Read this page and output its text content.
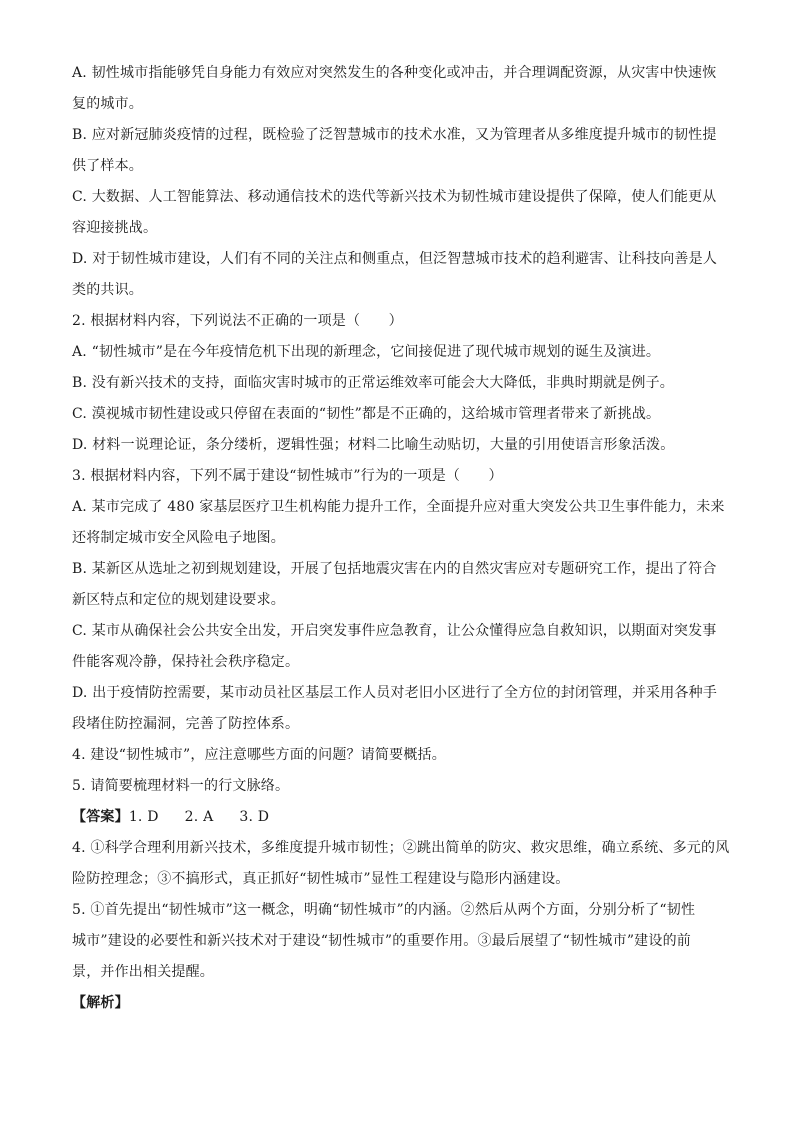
A. 韧性城市指能够凭自身能力有效应对突然发生的各种变化或冲击，并合理调配资源，从灾害中快速恢
复的城市。
B. 应对新冠肺炎疫情的过程，既检验了泛智慧城市的技术水准，又为管理者从多维度提升城市的韧性提
供了样本。
C. 大数据、人工智能算法、移动通信技术的迭代等新兴技术为韧性城市建设提供了保障，使人们能更从
容迎接挑战。
D. 对于韧性城市建设，人们有不同的关注点和侧重点，但泛智慧城市技术的趋利避害、让科技向善是人
类的共识。
2. 根据材料内容，下列说法不正确的一项是（　　）
A. “韧性城市”是在今年疫情危机下出现的新理念，它间接促进了现代城市规划的诞生及演进。
B. 没有新兴技术的支持，面临灾害时城市的正常运维效率可能会大大降低，非典时期就是例子。
C. 漠视城市韧性建设或只停留在表面的“韧性”都是不正确的，这给城市管理者带来了新挑战。
D. 材料一说理论证，条分缕析，逻辑性强；材料二比喻生动贴切，大量的引用使语言形象活泼。
3. 根据材料内容，下列不属于建设“韧性城市”行为的一项是（　　）
A. 某市完成了 480 家基层医疗卫生机构能力提升工作，全面提升应对重大突发公共卫生事件能力，未来
还将制定城市安全风险电子地图。
B. 某新区从选址之初到规划建设，开展了包括地震灾害在内的自然灾害应对专题研究工作，提出了符合
新区特点和定位的规划建设要求。
C. 某市从确保社会公共安全出发，开启突发事件应急教育，让公众懂得应急自救知识，以期面对突发事
件能客观冷静，保持社会秩序稳定。
D. 出于疫情防控需要，某市动员社区基层工作人员对老旧小区进行了全方位的封闭管理，并采用各种手
段堵住防控漏洞，完善了防控体系。
4. 建设“韧性城市”，应注意哪些方面的问题？请简要概括。
5. 请简要梳理材料一的行文脉络。
【答案】1. D 2. A 3. D
4. ①科学合理利用新兴技术，多维度提升城市韧性；②跳出简单的防灾、救灾思维，确立系统、多元的风
险防控理念；③不搞形式，真正抓好“韧性城市”显性工程建设与隐形内涵建设。
5. ①首先提出“韧性城市”这一概念，明确“韧性城市”的内涵。②然后从两个方面，分别分析了“韧性
城市”建设的必要性和新兴技术对于建设“韧性城市”的重要作用。③最后展望了“韧性城市”建设的前
景，并作出相关提醒。
【解析】
